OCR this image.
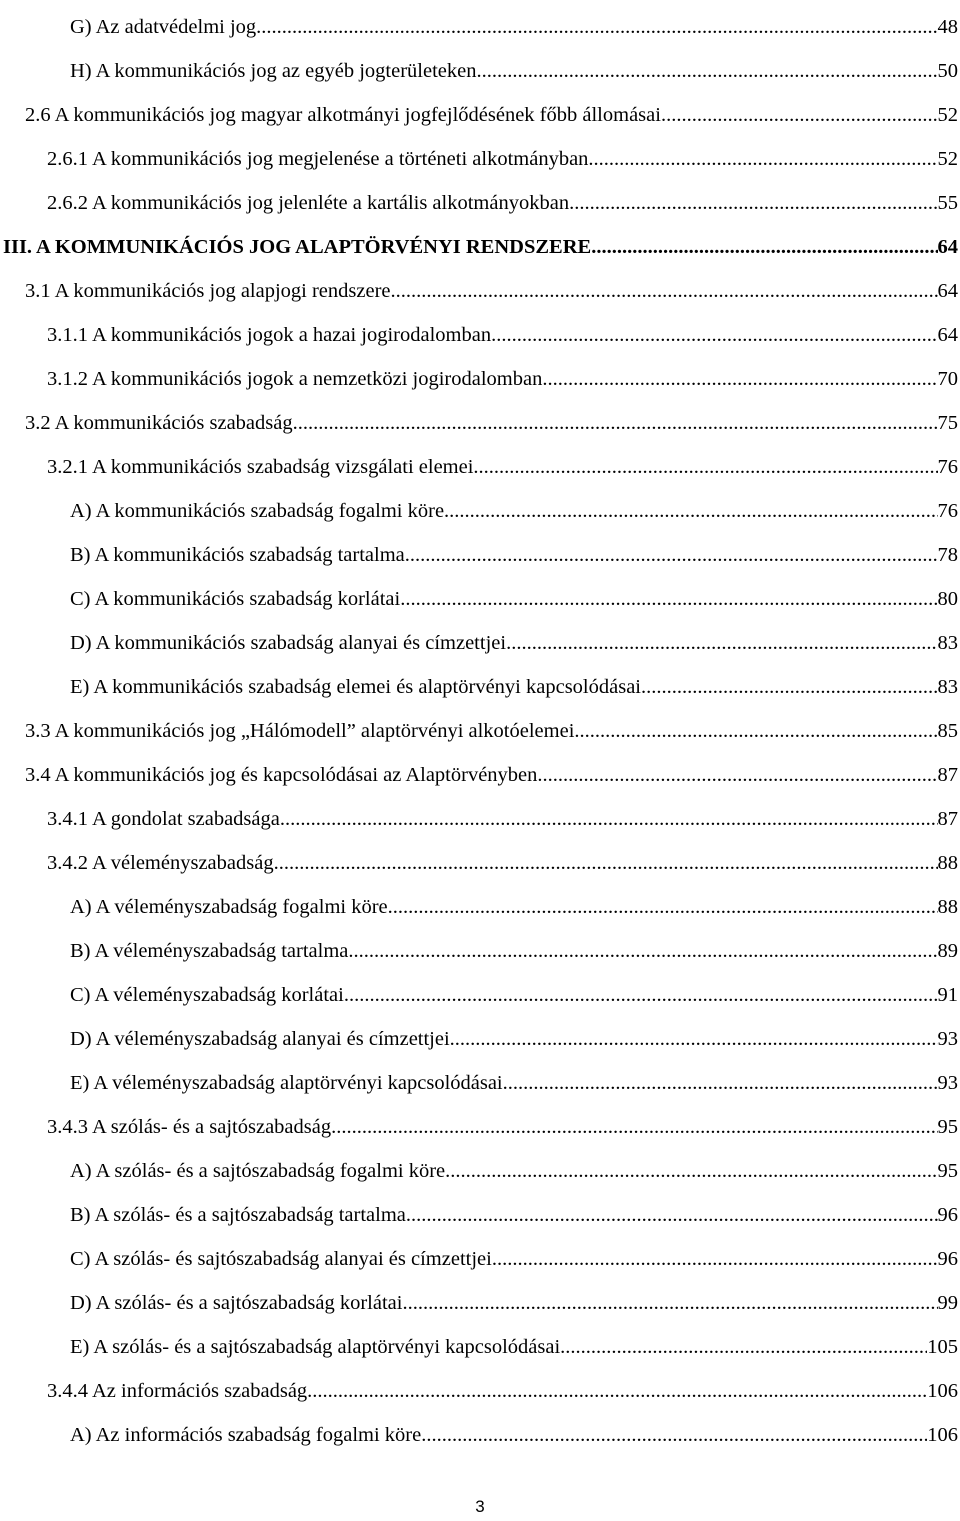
G) Az adatvédelmi jog .....	48
H) A kommunikációs jog az egyéb jogterületeken .....	50
2.6 A kommunikációs jog magyar alkotmányi jogfejlődésének főbb állomásai .....	52
2.6.1 A kommunikációs jog megjelenése a történeti alkotmányban .....	52
2.6.2 A kommunikációs jog jelenléte a kartális alkotmányokban .....	55
III. A KOMMUNIKÁCIÓS JOG ALAPTÖRVÉNYI RENDSZERE .....	64
3.1 A kommunikációs jog alapjogi rendszere .....	64
3.1.1 A kommunikációs jogok a hazai jogirodalomban .....	64
3.1.2 A kommunikációs jogok a nemzetközi jogirodalomban .....	70
3.2 A kommunikációs szabadság .....	75
3.2.1 A kommunikációs szabadság vizsgálati elemei .....	76
A) A kommunikációs szabadság fogalmi köre .....	76
B) A kommunikációs szabadság tartalma .....	78
C) A kommunikációs szabadság korlátai .....	80
D) A kommunikációs szabadság alanyai és címzettjei .....	83
E) A kommunikációs szabadság elemei és alaptörvényi kapcsolódásai .....	83
3.3 A kommunikációs jog „Hálómodell” alaptörvényi alkotóelemei .....	85
3.4 A kommunikációs jog és kapcsolódásai az Alaptörvényben .....	87
3.4.1 A gondolat szabadsága .....	87
3.4.2 A véleményszabadság .....	88
A) A véleményszabadság fogalmi köre .....	88
B) A véleményszabadság tartalma .....	89
C) A véleményszabadság korlátai .....	91
D) A véleményszabadság alanyai és címzettjei .....	93
E) A véleményszabadság alaptörvényi kapcsolódásai .....	93
3.4.3 A szólás- és a sajtószabadság .....	95
A) A szólás- és a sajtószabadság fogalmi köre .....	95
B) A szólás- és a sajtószabadság tartalma .....	96
C) A szólás- és sajtószabadság alanyai és címzettjei .....	96
D) A szólás- és a sajtószabadság korlátai .....	99
E) A szólás- és a sajtószabadság alaptörvényi kapcsolódásai .....	105
3.4.4 Az információs szabadság .....	106
A) Az információs szabadság fogalmi köre .....	106
3
